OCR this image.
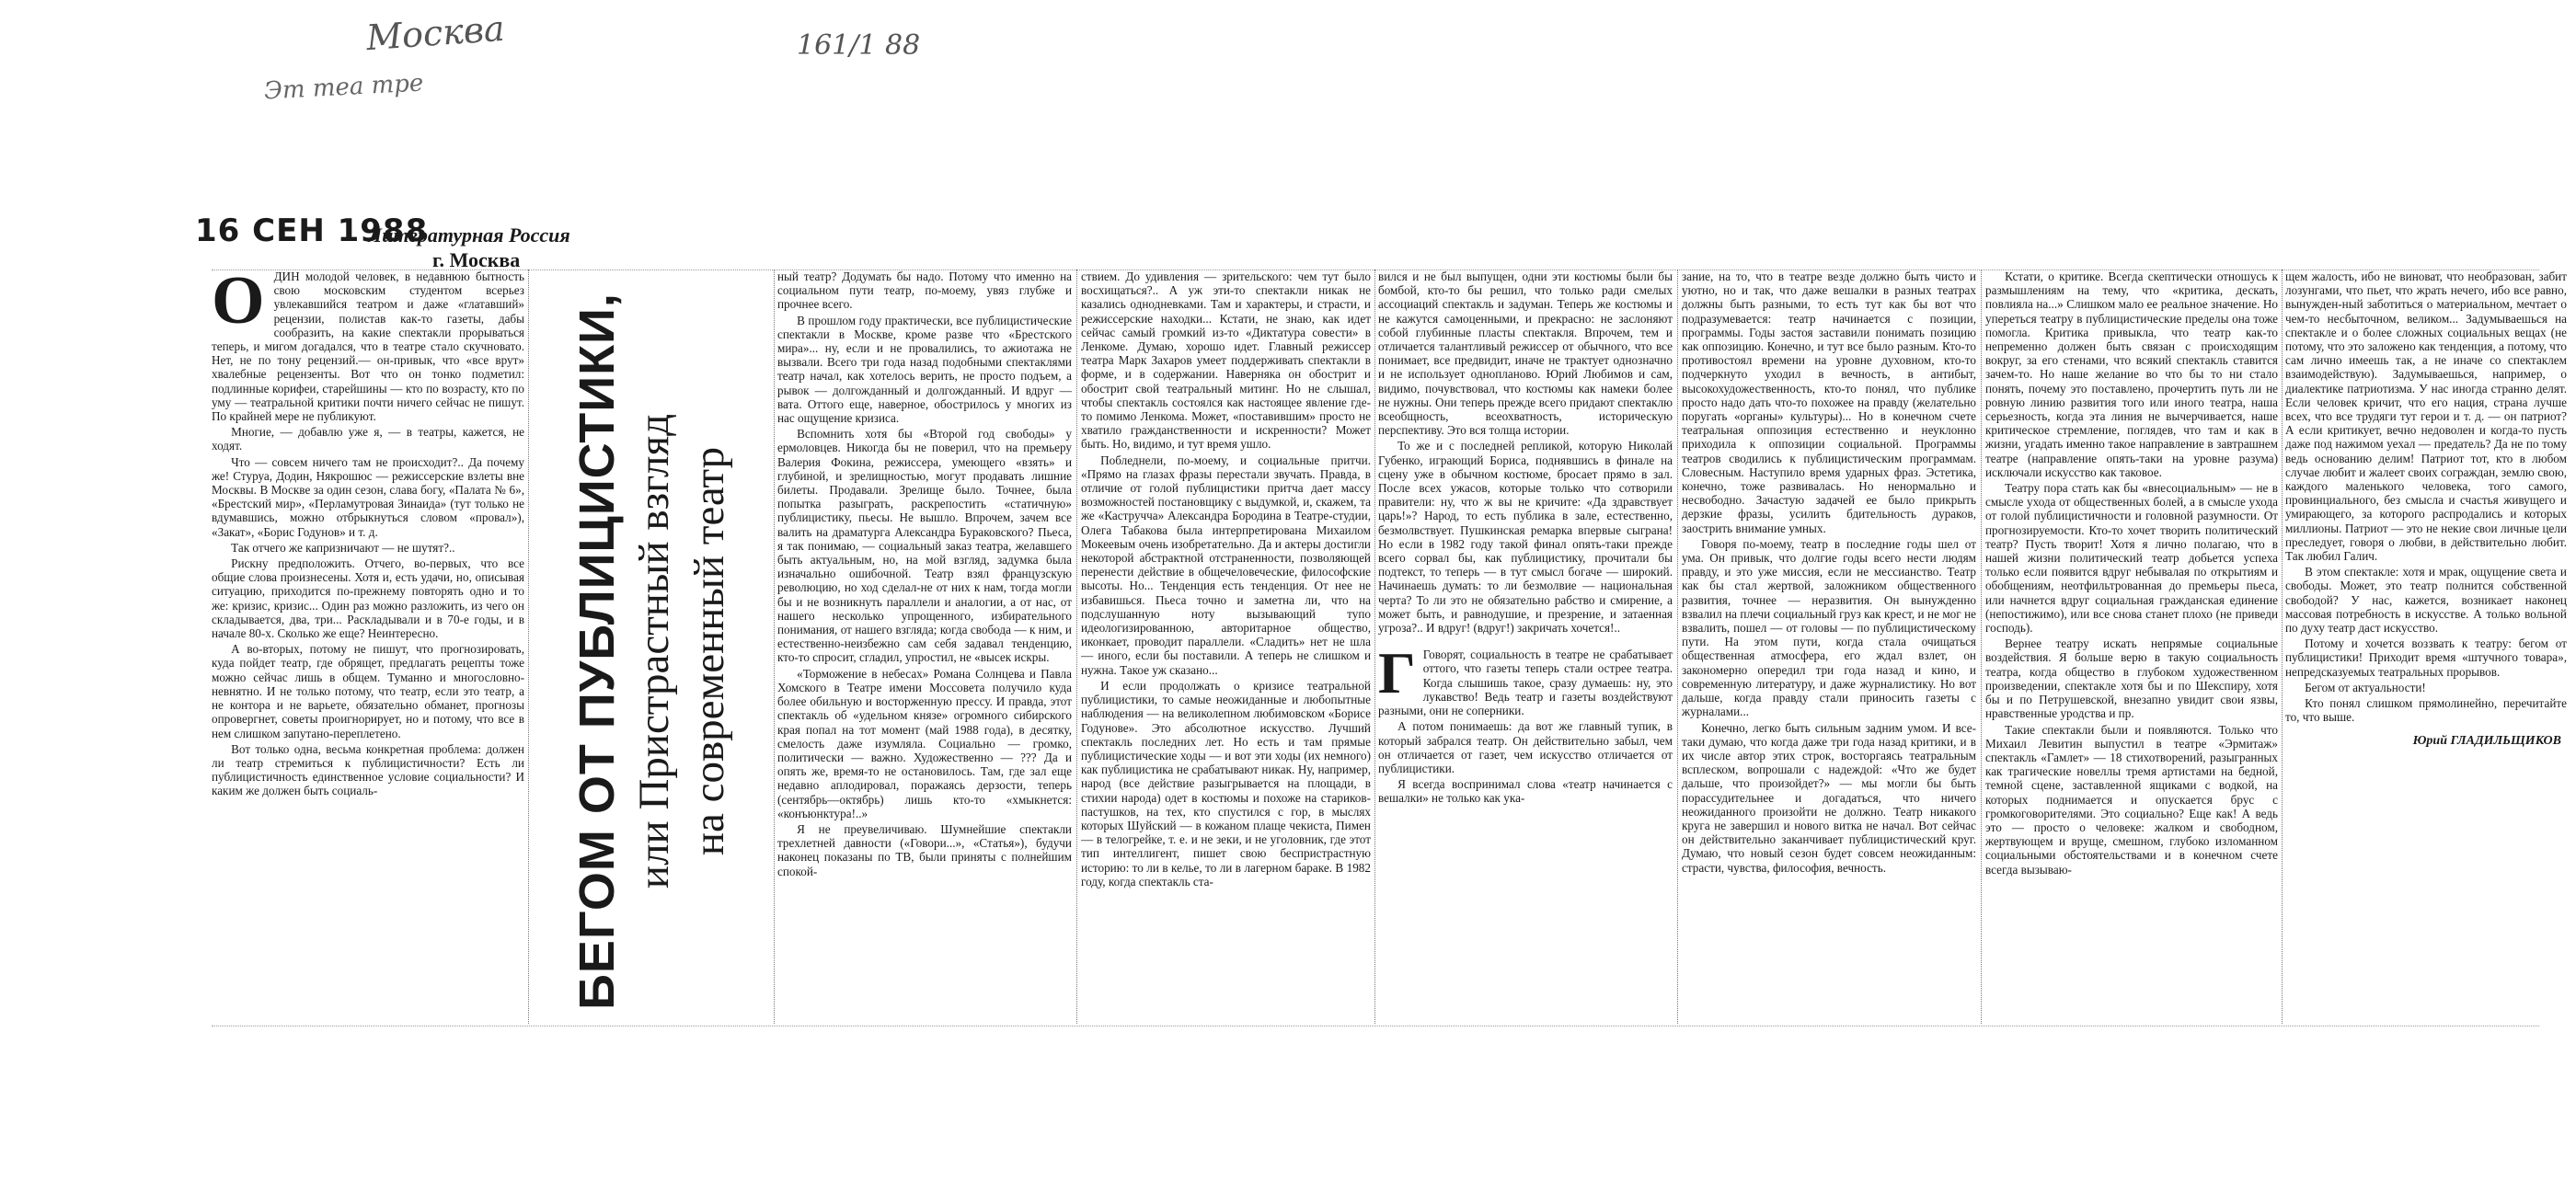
Москва
Эт теа тре
161/1 88
16 СЕН 1988
Литературная Россия
г. Москва

ОДИН молодой человек, в недавнюю бытность свою московским студентом всерьез увлекавшийся театром и даже «глатавший» рецензии, полистав как-то газеты, дабы сообразить, на какие спектакли прорываться теперь, и мигом догадался, что в театре стало скучновато. Нет, не по тону рецензий.— он-привык, что «все врут» хвалебные рецензенты. Вот что он тонко подметил: подлинные корифеи, старейшины — кто по возрасту, кто по уму — театральной критики почти ничего сейчас не пишут. По крайней мере не публикуют.

Многие, — добавлю уже я, — в театры, кажется, не ходят.

Что — совсем ничего там не происходит?.. Да почему же! Стуруа, Додин, Някрошюс — режиссерские взлеты вне Москвы. В Москве за один сезон, слава богу, «Палата № 6», «Брестский мир», «Перламутровая Зинаида» (тут только не вдумавшись, можно отбрыкнуться словом «провал»), «Закат», «Борис Годунов» и т. д.

Так отчего же капризничают — не шутят?..

Рискну предположить. Отчего, во-первых, что все общие слова произнесены. Хотя и, есть удачи, но, описывая ситуацию, приходится по-прежнему повторять одно и то же: кризис, кризис... Один раз можно разложить, из чего он складывается, два, три... Раскладывали и в 70-е годы, и в начале 80-х. Сколько же еще? Неинтересно.

А во-вторых, потому не пишут, что прогнозировать, куда пойдет театр, где обрящет, предлагать рецепты тоже можно сейчас лишь в общем. Туманно и многословно-невнятно. И не только потому, что театр, если это театр, а не контора и не варьете, обязательно обманет, прогнозы опровергнет, советы проигнорирует, но и потому, что все в нем слишком запутано-переплетено.

Вот только одна, весьма конкретная проблема: должен ли театр стремиться к публицистичности? Есть ли публицистичность единственное условие социальности? И каким же должен быть социаль-	БЕГОМ ОТ ПУБЛИЦИСТИКИ, или Пристрастный взгляд на современный театр

ный театр? Додумать бы надо. Потому что именно на социальном пути театр, по-моему, увяз глубже и прочнее всего.

В прошлом году практически, все публицистические спектакли в Москве, кроме разве что «Брестского мира»... ну, если и не провалились, то ажиотажа не вызвали. Всего три года назад подобными спектаклями театр начал, как хотелось верить, не просто подъем, а рывок — долгожданный и долгожданный. И вдруг — вата. Оттого еще, наверное, обострилось у многих из нас ощущение кризиса.

Вспомнить хотя бы «Второй год свободы» у ермоловцев. Никогда бы не поверил, что на премьеру Валерия Фокина, режиссера, умеющего «взять» и глубиной, и зрелищностью, могут продавать лишние билеты. Продавали. Зрелище было. Точнее, была попытка разыграть, раскрепостить «статичную» публицистику, пьесы. Не вышло. Впрочем, зачем все валить на драматурга Александра Бураковского? Пьеса, я так понимаю, — социальный заказ театра, желавшего быть актуальным, но, на мой взгляд, задумка была изначально ошибочной. Театр взял французскую революцию, но ход сделал-не от них к нам, тогда могли бы и не возникнуть параллели и аналогии, а от нас, от нашего несколько упрощенного, избирательного понимания, от нашего взгляда; когда свобода — к ним, и естественно-неизбежно сам себя задавал тенденцию, кто-то спросит, сгладил, упростил, не «высек искры.

«Торможение в небесах» Романа Солнцева и Павла Хомского в Театре имени Моссовета получило куда более обильную и восторженную прессу. И правда, этот спектакль об «удельном князе» огромного сибирского края попал на тот момент (май 1988 года), в десятку, смелость даже изумляла. Социально — громко, политически — важно. Художественно — ??? Да и опять же, время-то не остановилось. Там, где зал еще недавно аплодировал, поражаясь дерзости, теперь (сентябрь—октябрь) лишь кто-то «хмыкнется: «конъюнктура!..»

Я не преувеличиваю. Шумнейшие спектакли трехлетней давности («Говори...», «Статья»), будучи наконец показаны по ТВ, были приняты с полнейшим спокой-

ствием. До удивления — зрительского: чем тут было восхищаться?.. А уж эти-то спектакли никак не казались однодневками. Там и характеры, и страсти, и режиссерские находки... Кстати, не знаю, как идет сейчас самый громкий из-то «Диктатура совести» в Ленкоме. Думаю, хорошо идет. Главный режиссер театра Марк Захаров умеет поддерживать спектакли в форме, и в содержании. Наверняка он обострит и обострит свой театральный митинг. Но не слышал, чтобы спектакль состоялся как настоящее явление где-то помимо Ленкома. Может, «поставившим» просто не хватило гражданственности и искренности? Может быть. Но, видимо, и тут время ушло.

Побледнели, по-моему, и социальные притчи. «Прямо на глазах фразы перестали звучать. Правда, в отличие от голой публицистики притча дает массу возможностей постановщику с выдумкой, и, скажем, та же «Кастручча» Александра Бородина в Театре-студии, Олега Табакова была интерпретирована Михаилом Мокеевым очень изобретательно. Да и актеры достигли некоторой абстрактной отстраненности, позволяющей перенести действие в общечеловеческие, философские высоты. Но... Тенденция есть тенденция. От нее не избавишься. Пьеса точно и заметна ли, что на подслушанную ноту вызывающий тупо идеологизированною, авторитарное общество, иконкает, проводит параллели. «Сладить» нет не шла — иного, если бы поставили. А теперь не слишком и нужна. Такое уж сказано...

И если продолжать о кризисе театральной публицистики, то самые неожиданные и любопытные наблюдения — на великолепном любимовском «Борисе Годунове». Это абсолютное искусство. Лучший спектакль последних лет. Но есть и там прямые публицистические ходы — и вот эти ходы (их немного) как публицистика не срабатывают никак. Ну, например, народ (все действие разыгрывается на площади, в стихии народа) одет в костюмы и похоже на стариков-пастушков, на тех, кто спустился с гор, в мыслях которых Шуйский — в кожаном плаще чекиста, Пимен — в телогрейке, т. е. и не зеки, и не уголовник, где этот тип интеллигент, пишет свою беспристрастную историю: то ли в келье, то ли в лагерном бараке. В 1982 году, когда спектакль ста-

вился и не был выпущен, одни эти костюмы были бы бомбой, кто-то бы решил, что только ради смелых ассоциаций спектакль и задуман. Теперь же костюмы и не кажутся самоценными, и прекрасно: не заслоняют собой глубинные пласты спектакля. Впрочем, тем и отличается талантливый режиссер от обычного, что все понимает, все предвидит, иначе не трактует однозначно и не использует однопланово. Юрий Любимов и сам, видимо, почувствовал, что костюмы как намеки более не нужны. Они теперь прежде всего придают спектаклю всеобщность, всеохватность, историческую перспективу. Это вся толща истории.

То же и с последней репликой, которую Николай Губенко, играющий Бориса, поднявшись в финале на сцену уже в обычном костюме, бросает прямо в зал. После всех ужасов, которые только что сотворили правители: ну, что ж вы не кричите: «Да здравствует царь!»? Народ, то есть публика в зале, естественно, безмолвствует. Пушкинская ремарка впервые сыграна! Но если в 1982 году такой финал опять-таки прежде всего сорвал бы, как публицистику, прочитали бы подтекст, то теперь — в тут смысл богаче — широкий. Начинаешь думать: то ли безмолвие — национальная черта? То ли это не обязательно рабство и смирение, а может быть, и равнодушие, и презрение, и затаенная угроза?.. И вдруг! (вдруг!) закричать хочется!..

Г Говорят, социальность в театре не срабатывает оттого, что газеты теперь стали острее театра. Когда слышишь такое, сразу думаешь: ну, это лукавство! Ведь театр и газеты воздействуют разными, они не соперники.

А потом понимаешь: да вот же главный тупик, в который забрался театр. Он действительно забыл, чем он отличается от газет, чем искусство отличается от публицистики.

Я всегда воспринимал слова «театр начинается с вешалки» не только как ука-

зание, на то, что в театре везде должно быть чисто и уютно, но и так, что даже вешалки в разных театрах должны быть разными, то есть тут как бы вот что подразумевается: театр начинается с позиции, программы. Годы застоя заставили понимать позицию как оппозицию. Конечно, и тут все было разным. Кто-то противостоял времени на уровне духовном, кто-то подчеркнуто уходил в вечность, в антибыт, высокохудожественность, кто-то понял, что публике просто надо дать что-то похожее на правду (желательно поругать «органы» культуры)... Но в конечном счете театральная оппозиция естественно и неуклонно приходила к оппозиции социальной. Программы театров сводились к публицистическим программам. Словесным. Наступило время ударных фраз. Эстетика, конечно, тоже развивалась. Но ненормально и несвободно. Зачастую задачей ее было прикрыть дерзкие фразы, усилить бдительность дураков, заострить внимание умных.

Говоря по-моему, театр в последние годы шел от ума. Он привык, что долгие годы всего нести людям правду, и это уже миссия, если не мессианство. Театр как бы стал жертвой, заложником общественного развития, точнее — неразвития. Он вынужденно взвалил на плечи социальный груз как крест, и не мог не взвалить, пошел — от головы — по публицистическому пути. На этом пути, когда стала очищаться общественная атмосфера, его ждал взлет, он закономерно опередил три года назад и кино, и современную литературу, и даже журналистику. Но вот дальше, когда правду стали приносить газеты с журналами...

Конечно, легко быть сильным задним умом. И все-таки думаю, что когда даже три года назад критики, и в их числе автор этих строк, восторгаясь театральным всплеском, вопрошали с надеждой: «Что же будет дальше, что произойдет?» — мы могли бы быть порассудительнее и догадаться, что ничего неожиданного произойти не должно. Театр никакого круга не завершил и нового витка не начал. Вот сейчас он действительно заканчивает публицистический круг. Думаю, что новый сезон будет совсем неожиданным: страсти, чувства, философия, вечность.

Кстати, о критике. Всегда скептически отношусь к размышлениям на тему, что «критика, дескать, повлияла на...» Слишком мало ее реальное значение. Но упереться театру в публицистические пределы она тоже помогла. Критика привыкла, что театр как-то непременно должен быть связан с происходящим вокруг, за его стенами, что всякий спектакль ставится зачем-то. Но наше желание во что бы то ни стало понять, почему это поставлено, прочертить путь ли не ровную линию развития того или иного театра, наша серьезность, когда эта линия не вычерчивается, наше критическое стремление, поглядев, что там и как в жизни, угадать именно такое направление в завтрашнем театре (направление опять-таки на уровне разума) исключали искусство как таковое.

Театру пора стать как бы «внесоциальным» — не в смысле ухода от общественных болей, а в смысле ухода от голой публицистичности и головной разумности. От прогнозируемости. Кто-то хочет творить политический театр? Пусть творит! Хотя я лично полагаю, что в нашей жизни политический театр добьется успеха только если появится вдруг небывалая по открытиям и обобщениям, неотфильтрованная до премьеры пьеса, или начнется вдруг социальная гражданская единение (непостижимо), или все снова станет плохо (не приведи господь).

Вернее театру искать непрямые социальные воздействия. Я больше верю в такую социальность театра, когда общество в глубоком художественном произведении, спектакле хотя бы и по Шекспиру, хотя бы и по Петрушевской, внезапно увидит свои язвы, нравственные уродства и пр.

Такие спектакли были и появляются. Только что Михаил Левитин выпустил в театре «Эрмитаж» спектакль «Гамлет» — 18 стихотворений, разыгранных как трагические новеллы тремя артистами на бедной, темной сцене, заставленной ящиками с водкой, на которых поднимается и опускается брус с громкоговорителями. Это социально? Еще как! А ведь это — просто о человеке: жалком и свободном, жертвующем и вруще, смешном, глубоко изломанном социальными обстоятельствами и в конечном счете всегда вызываю-

щем жалость, ибо не виноват, что необразован, забит лозунгами, что пьет, что жрать нечего, ибо все равно, вынужден-ный заботиться о материальном, мечтает о чем-то несбыточном, великом... Задумываешься на спектакле и о более сложных социальных вещах (не потому, что это заложено как тенденция, а потому, что сам лично имеешь так, а не иначе со спектаклем взаимодействую). Задумываешься, например, о диалектике патриотизма. У нас иногда странно делят. Если человек кричит, что его нация, страна лучше всех, что все трудяги тут герои и т. д. — он патриот? А если критикует, вечно недоволен и когда-то пусть даже под нажимом уехал — предатель? Да не по тому ведь основанию делим! Патриот тот, кто в любом случае любит и жалеет своих сограждан, землю свою, каждого маленького человека, того самого, провинциального, без смысла и счастья живущего и умирающего, за которого распродались и которых миллионы. Патриот — это не некие свои личные цели преследует, говоря о любви, в действительно любит. Так любил Галич.

В этом спектакле: хотя и мрак, ощущение света и свободы. Может, это театр полнится собственной свободой? У нас, кажется, возникает наконец массовая потребность в искусстве. А только вольной по духу театр даст искусство.

Потому и хочется воззвать к театру: бегом от публицистики! Приходит время «штучного товара», непредсказуемых театральных прорывов.

Бегом от актуальности!

Кто понял слишком прямолинейно, перечитайте то, что выше.

Юрий ГЛАДИЛЬЩИКОВ
